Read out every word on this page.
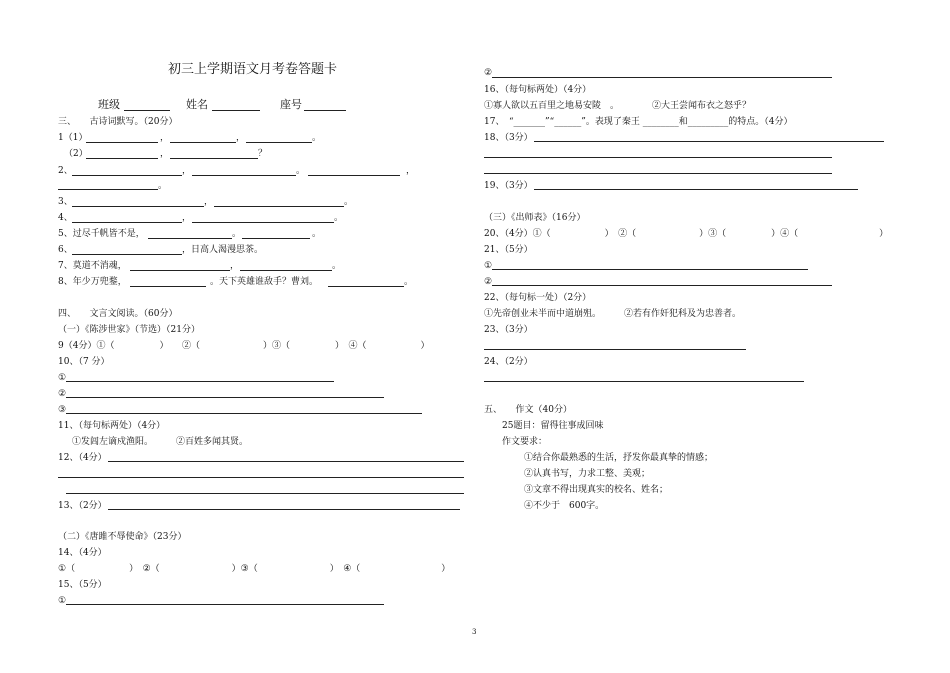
初三上学期语文月考卷答题卡
班级	姓名	座号
三、　　古诗词默写。（20分）
1（1）	，	，	。
（2）	，	？
2、	，	。	，
。
3、	，	。
4、	，	。
5、过尽千帆皆不是，	。	。
6、	，日高人渴漫思茶。
7、莫道不消魂，	，	。
8、年少万兜鍪，	。天下英雄谁敌手？曹刘。	。
四、　　文言文阅读。（60分）
（一）《陈涉世家》（节选）（21分）
9（4分）①（　　　　　）　　②（　　　　　　　）③（　　　　　）　④（　　　　　　）
10、（7 分）
①
②
③
11、（每句标两处）（4分）
①发闾左谪戍渔阳。	②百姓多闻其贤。
12、（4分）
13、（2分）
（二）《唐雎不辱使命》（23分）
14、（4分）
①（　　　　　　）　②（　　　　　　　　）③（　　　　　　　　）　④（　　　　　　　　　）
15、（5分）
①
②
16、（每句标两处）（4分）
①寡人欲以五百里之地易安陵　。	②大王尝闻布衣之怒乎？
17、　“_______”“______”。表现了秦王 ________和_________的特点。（4分）
18、（3分）
19、（3分）
（三）《出师表》（16分）
20、（4分）①（　　　　　　）　②（　　　　　　　）③（　　　　　）④（　　　　　　　　　）
21、（5分）
①
②
22、（每句标一处）（2分）
①先帝创业未半而中道崩殂。	②若有作奸犯科及为忠善者。
23、（3分）
24、（2分）
五、　　作文（40分）
25题目：留得往事成回味
作文要求：
①结合你最熟悉的生活，抒发你最真挚的情感；
②认真书写，力求工整、美观；
③文章不得出现真实的校名、姓名；
④不少于　600字。
3
